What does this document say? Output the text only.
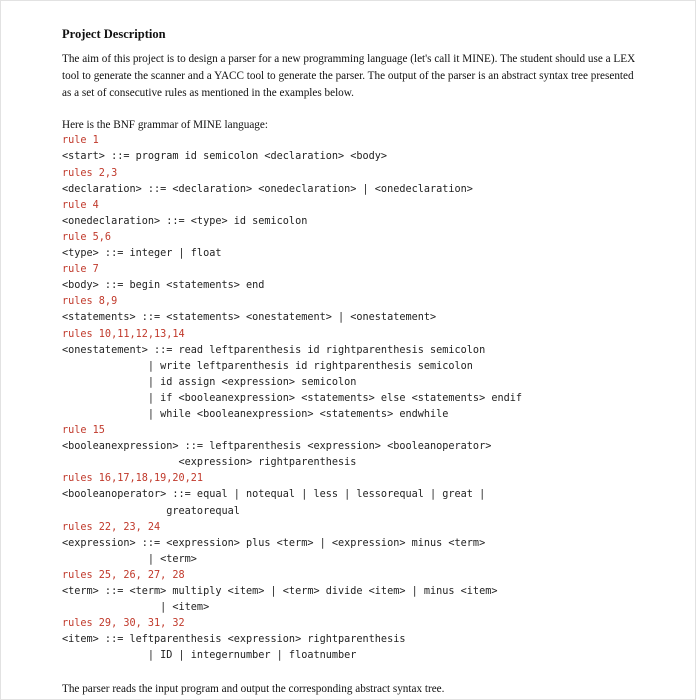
Project Description

The aim of this project is to design a parser for a new programming language (let's call it MINE). The student should use a LEX tool to generate the scanner and a YACC tool to generate the parser. The output of the parser is an abstract syntax tree presented as a set of consecutive rules as mentioned in the examples below.

Here is the BNF grammar of MINE language:

rule 1
<start> ::= program id semicolon <declaration> <body>
rules 2,3
<declaration> ::= <declaration> <onedeclaration> | <onedeclaration>
rule 4
<onedeclaration> ::= <type> id semicolon
rule 5,6
<type> ::= integer | float
rule 7
<body> ::= begin <statements> end
rules 8,9
<statements> ::= <statements> <onestatement> | <onestatement>
rules 10,11,12,13,14
<onestatement> ::= read leftparenthesis id rightparenthesis semicolon
| write leftparenthesis id rightparenthesis semicolon
| id assign <expression> semicolon
| if <booleanexpression> <statements> else <statements> endif
| while <booleanexpression> <statements> endwhile
rule 15
<booleanexpression> ::= leftparenthesis <expression> <booleanoperator>
<expression> rightparenthesis
rules 16,17,18,19,20,21
<booleanoperator> ::= equal | notequal | less | lessorequal | great |
greatorequal
rules 22, 23, 24
<expression> ::= <expression> plus <term> | <expression> minus <term>
| <term>
rules 25, 26, 27, 28
<term> ::= <term> multiply <item> | <term> divide <item> | minus <item>
| <item>
rules 29, 30, 31, 32
<item> ::= leftparenthesis <expression> rightparenthesis
| ID | integernumber | floatnumber

The parser reads the input program and output the corresponding abstract syntax tree.
